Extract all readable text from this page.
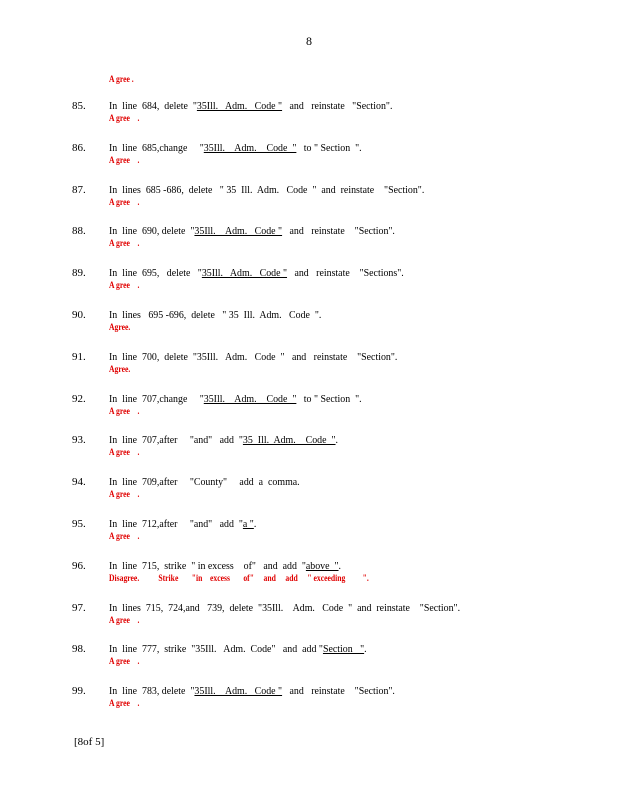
8
A gree .
85. In  line  684,  delete  "35Ill.   Adm.   Code "   and   reinstate   "Section".
A gree    .
86. In  line  685,change     "35Ill.    Adm.    Code  "   to " Section  ".
A gree    .
87. In  lines  685 -686,  delete   " 35  Ill.  Adm.   Code  "  and  reinstate    "Section".
A gree    .
88. In  line  690, delete  "35Ill.    Adm.   Code "   and   reinstate    "Section".
A gree    .
89. In  line  695,   delete   "35Ill.   Adm.   Code "   and   reinstate    "Sections".
A gree    .
90. In  lines   695 -696,  delete   " 35  Ill.  Adm.   Code  ".
Agree.
91. In  line  700,  delete  "35Ill.   Adm.   Code  "   and   reinstate    "Section".
Agree.
92. In  line  707,change     "35Ill.    Adm.    Code  "   to " Section  ".
A gree    .
93. In  line  707,after     "and"   add  "35  Ill.  Adm.    Code  ".
A gree    .
94. In  line  709,after     "County"     add  a  comma.
A gree    .
95. In  line  712,after     "and"   add  "a ".
A gree    .
96. In  line  715,  strike  " in excess    of"   and  add  "above  ".
Disagree.          Strike       "in    excess       of"     and     add     " exceeding         ".
97. In  lines  715,  724,and   739,  delete  "35Ill.    Adm.   Code  "  and  reinstate    "Section".
A gree    .
98. In  line  777,  strike  "35Ill.   Adm.  Code"   and  add "Section   ".
A gree    .
99. In  line  783, delete  "35Ill.    Adm.   Code "   and   reinstate    "Section".
A gree    .
[8of 5]
